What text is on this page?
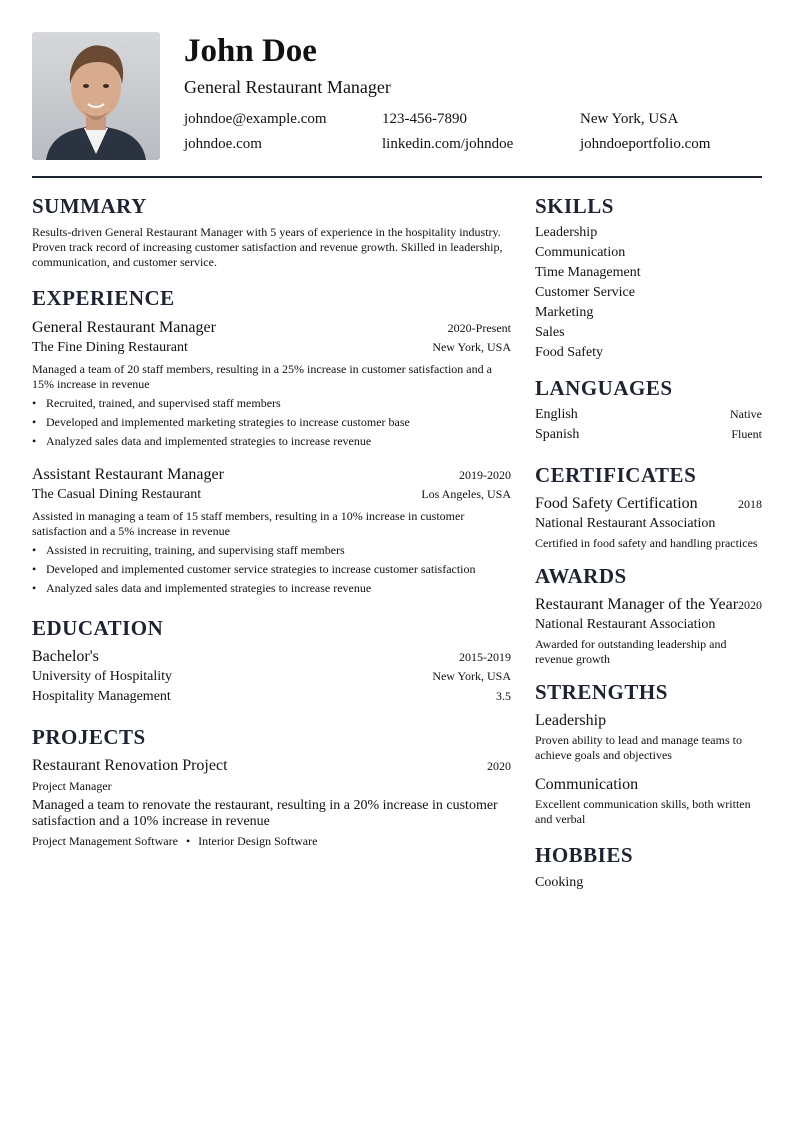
John Doe
General Restaurant Manager
johndoe@example.com	123-456-7890	New York, USA
johndoe.com	linkedin.com/johndoe	johndoeportfolio.com
SUMMARY
Results-driven General Restaurant Manager with 5 years of experience in the hospitality industry. Proven track record of increasing customer satisfaction and revenue growth. Skilled in leadership, communication, and customer service.
EXPERIENCE
General Restaurant Manager	2020-Present
The Fine Dining Restaurant	New York, USA
Managed a team of 20 staff members, resulting in a 25% increase in customer satisfaction and a 15% increase in revenue
• Recruited, trained, and supervised staff members
• Developed and implemented marketing strategies to increase customer base
• Analyzed sales data and implemented strategies to increase revenue
Assistant Restaurant Manager	2019-2020
The Casual Dining Restaurant	Los Angeles, USA
Assisted in managing a team of 15 staff members, resulting in a 10% increase in customer satisfaction and a 5% increase in revenue
• Assisted in recruiting, training, and supervising staff members
• Developed and implemented customer service strategies to increase customer satisfaction
• Analyzed sales data and implemented strategies to increase revenue
EDUCATION
Bachelor's	2015-2019
University of Hospitality	New York, USA
Hospitality Management	3.5
PROJECTS
Restaurant Renovation Project	2020
Project Manager
Managed a team to renovate the restaurant, resulting in a 20% increase in customer satisfaction and a 10% increase in revenue
Project Management Software • Interior Design Software
SKILLS
Leadership
Communication
Time Management
Customer Service
Marketing
Sales
Food Safety
LANGUAGES
English	Native
Spanish	Fluent
CERTIFICATES
Food Safety Certification	2018
National Restaurant Association
Certified in food safety and handling practices
AWARDS
Restaurant Manager of the Year 2020
National Restaurant Association
Awarded for outstanding leadership and revenue growth
STRENGTHS
Leadership
Proven ability to lead and manage teams to achieve goals and objectives
Communication
Excellent communication skills, both written and verbal
HOBBIES
Cooking
